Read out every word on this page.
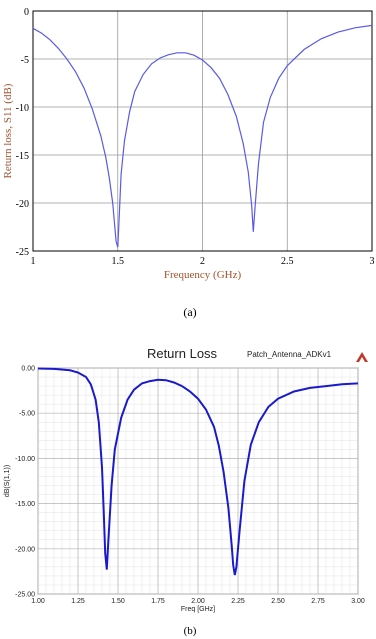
1	1.5	2	2.5	3
0
-5
-10
-15
-20
-25
Frequency (GHz)
Return loss, S11 (dB)
(a)
1.00	1.25	1.50	1.75	2.00	2.25	2.50	2.75	3.00
0.00
-5.00
-10.00
-15.00
-20.00
-25.00
Return Loss	Patch_Antenna_ADKv1
Freq [GHz]
dB(S(1,1))
(b)
